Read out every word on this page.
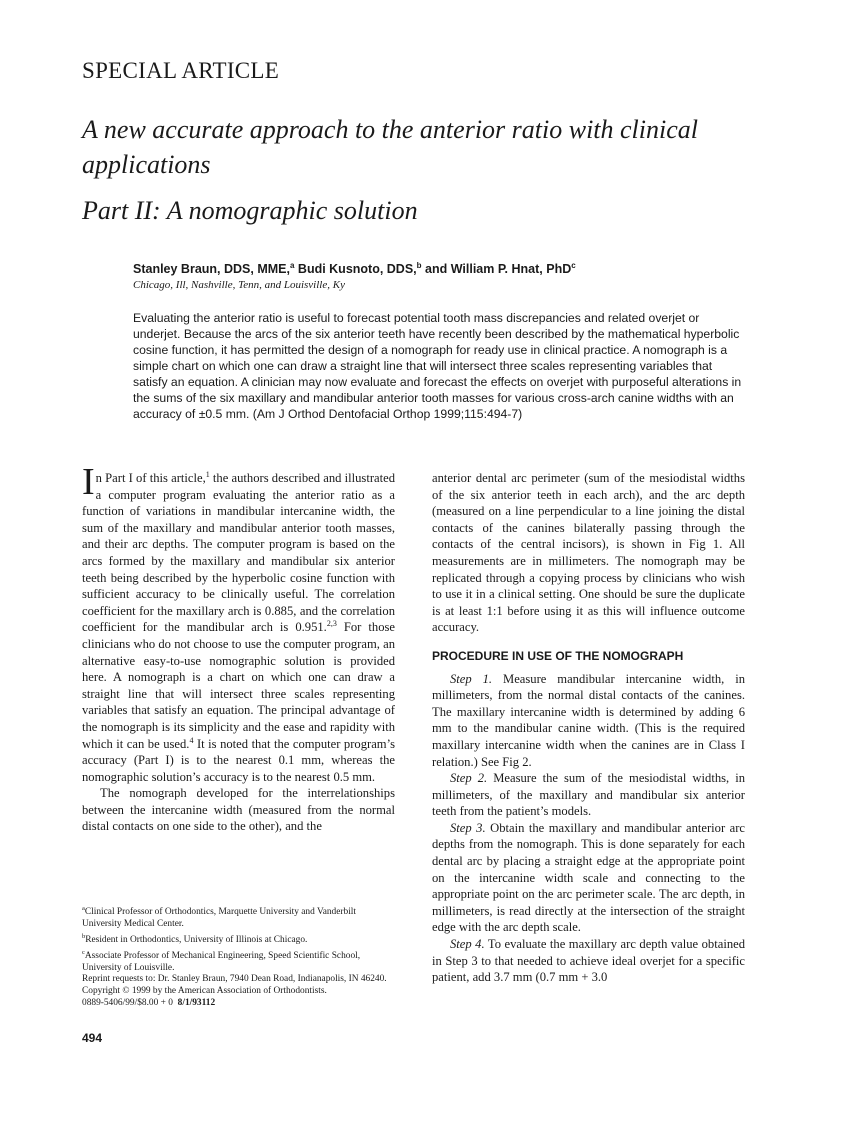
SPECIAL ARTICLE
A new accurate approach to the anterior ratio with clinical applications
Part II: A nomographic solution
Stanley Braun, DDS, MME,$^a$ Budi Kusnoto, DDS,$^b$ and William P. Hnat, PhD$^c$
Chicago, Ill, Nashville, Tenn, and Louisville, Ky

Evaluating the anterior ratio is useful to forecast potential tooth mass discrepancies and related overjet or underjet. Because the arcs of the six anterior teeth have recently been described by the mathematical hyperbolic cosine function, it has permitted the design of a nomograph for ready use in clinical practice. A nomograph is a simple chart on which one can draw a straight line that will intersect three scales representing variables that satisfy an equation. A clinician may now evaluate and forecast the effects on overjet with purposeful alterations in the sums of the six maxillary and mandibular anterior tooth masses for various cross-arch canine widths with an accuracy of ±0.5 mm. (Am J Orthod Dentofacial Orthop 1999;115:494-7)

In Part I of this article,$^1$ the authors described and illustrated a computer program evaluating the anterior ratio as a function of variations in mandibular intercanine width, the sum of the maxillary and mandibular anterior tooth masses, and their arc depths. The computer program is based on the arcs formed by the maxillary and mandibular six anterior teeth being described by the hyperbolic cosine function with sufficient accuracy to be clinically useful. The correlation coefficient for the maxillary arch is 0.885, and the correlation coefficient for the mandibular arch is 0.951.$^{2,3}$ For those clinicians who do not choose to use the computer program, an alternative easy-to-use nomographic solution is provided here. A nomograph is a chart on which one can draw a straight line that will intersect three scales representing variables that satisfy an equation. The principal advantage of the nomograph is its simplicity and the ease and rapidity with which it can be used.$^4$ It is noted that the computer program’s accuracy (Part I) is to the nearest 0.1 mm, whereas the nomographic solution’s accuracy is to the nearest 0.5 mm.

The nomograph developed for the interrelationships between the intercanine width (measured from the normal distal contacts on one side to the other), and the

anterior dental arc perimeter (sum of the mesiodistal widths of the six anterior teeth in each arch), and the arc depth (measured on a line perpendicular to a line joining the distal contacts of the canines bilaterally passing through the contacts of the central incisors), is shown in Fig 1. All measurements are in millimeters. The nomograph may be replicated through a copying process by clinicians who wish to use it in a clinical setting. One should be sure the duplicate is at least 1:1 before using it as this will influence outcome accuracy.

PROCEDURE IN USE OF THE NOMOGRAPH

Step 1. Measure mandibular intercanine width, in millimeters, from the normal distal contacts of the canines. The maxillary intercanine width is determined by adding 6 mm to the mandibular canine width. (This is the required maxillary intercanine width when the canines are in Class I relation.) See Fig 2.

Step 2. Measure the sum of the mesiodistal widths, in millimeters, of the maxillary and mandibular six anterior teeth from the patient’s models.

Step 3. Obtain the maxillary and mandibular anterior arc depths from the nomograph. This is done separately for each dental arc by placing a straight edge at the appropriate point on the intercanine width scale and connecting to the appropriate point on the arc perimeter scale. The arc depth, in millimeters, is read directly at the intersection of the straight edge with the arc depth scale.

Step 4. To evaluate the maxillary arc depth value obtained in Step 3 to that needed to achieve ideal overjet for a specific patient, add 3.7 mm (0.7 mm + 3.0

$^a$Clinical Professor of Orthodontics, Marquette University and Vanderbilt University Medical Center.

$^b$Resident in Orthodontics, University of Illinois at Chicago.

$^c$Associate Professor of Mechanical Engineering, Speed Scientific School, University of Louisville.

Reprint requests to: Dr. Stanley Braun, 7940 Dean Road, Indianapolis, IN 46240.

Copyright © 1999 by the American Association of Orthodontists.

0889-5406/99/$8.00 + 0 8/1/93112

494
